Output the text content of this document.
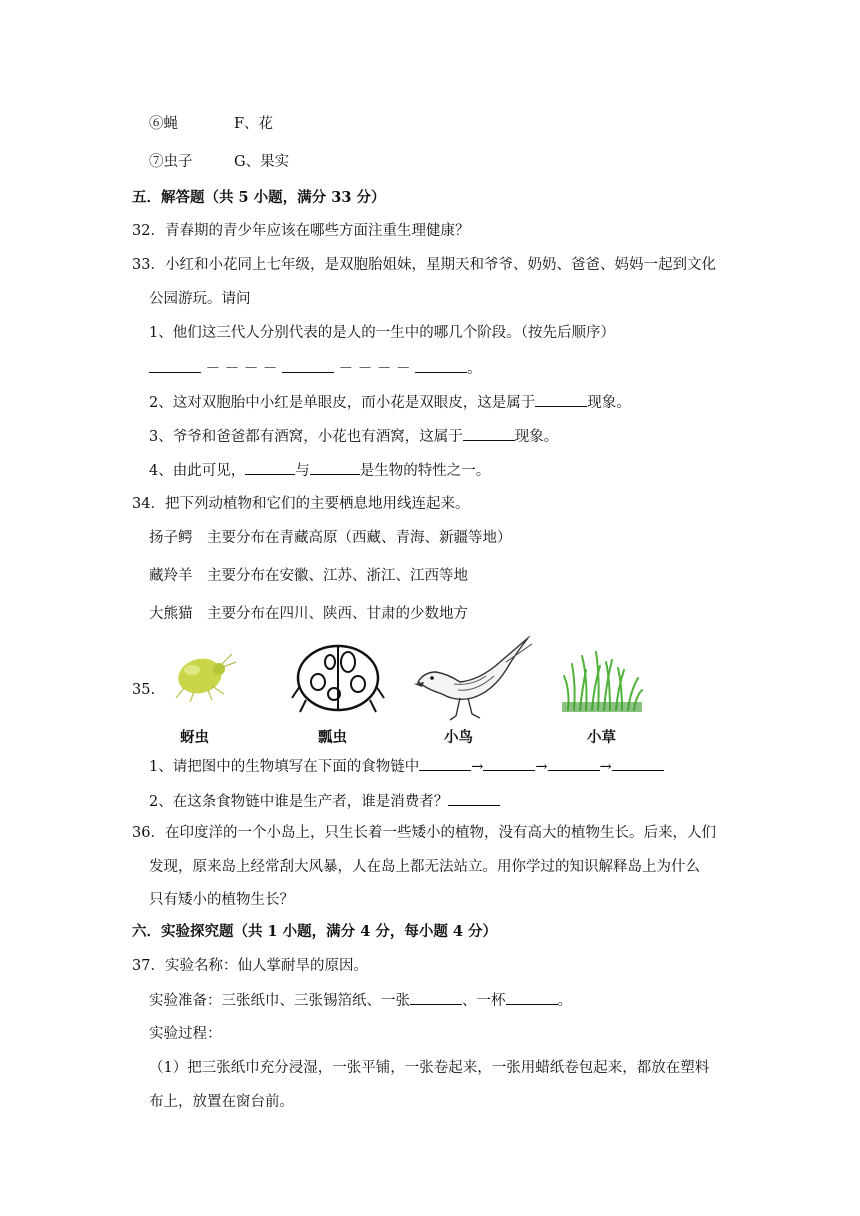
⑥蝇	F、花
⑦虫子	G、果实
五．解答题（共 5 小题，满分 33 分）
32．青春期的青少年应该在哪些方面注重生理健康？
33．小红和小花同上七年级，是双胞胎姐妹，星期天和爷爷、奶奶、爸爸、妈妈一起到文化
公园游玩。请问
1、他们这三代人分别代表的是人的一生中的哪几个阶段。（按先后顺序）
－ － － －	－ － － －	。
2、这对双胞胎中小红是单眼皮，而小花是双眼皮，这是属于	现象。
3、爷爷和爸爸都有酒窝，小花也有酒窝，这属于	现象。
4、由此可见，	与	是生物的特性之一。
34．把下列动植物和它们的主要栖息地用线连起来。
扬子鳄　主要分布在青藏高原（西藏、青海、新疆等地）
藏羚羊　主要分布在安徽、江苏、浙江、江西等地
大熊猫　主要分布在四川、陕西、甘肃的少数地方
35.
蚜虫	瓢虫	小鸟	小草
1、请把图中的生物填写在下面的食物链中	→	→	→
2、在这条食物链中谁是生产者，谁是消费者？
36．在印度洋的一个小岛上，只生长着一些矮小的植物，没有高大的植物生长。后来，人们
发现，原来岛上经常刮大风暴，人在岛上都无法站立。用你学过的知识解释岛上为什么
只有矮小的植物生长？
六．实验探究题（共 1 小题，满分 4 分，每小题 4 分）
37．实验名称：仙人掌耐旱的原因。
实验准备：三张纸巾、三张锡箔纸、一张	、一杯	。
实验过程：
（1）把三张纸巾充分浸湿，一张平铺，一张卷起来，一张用蜡纸卷包起来，都放在塑料
布上，放置在窗台前。
